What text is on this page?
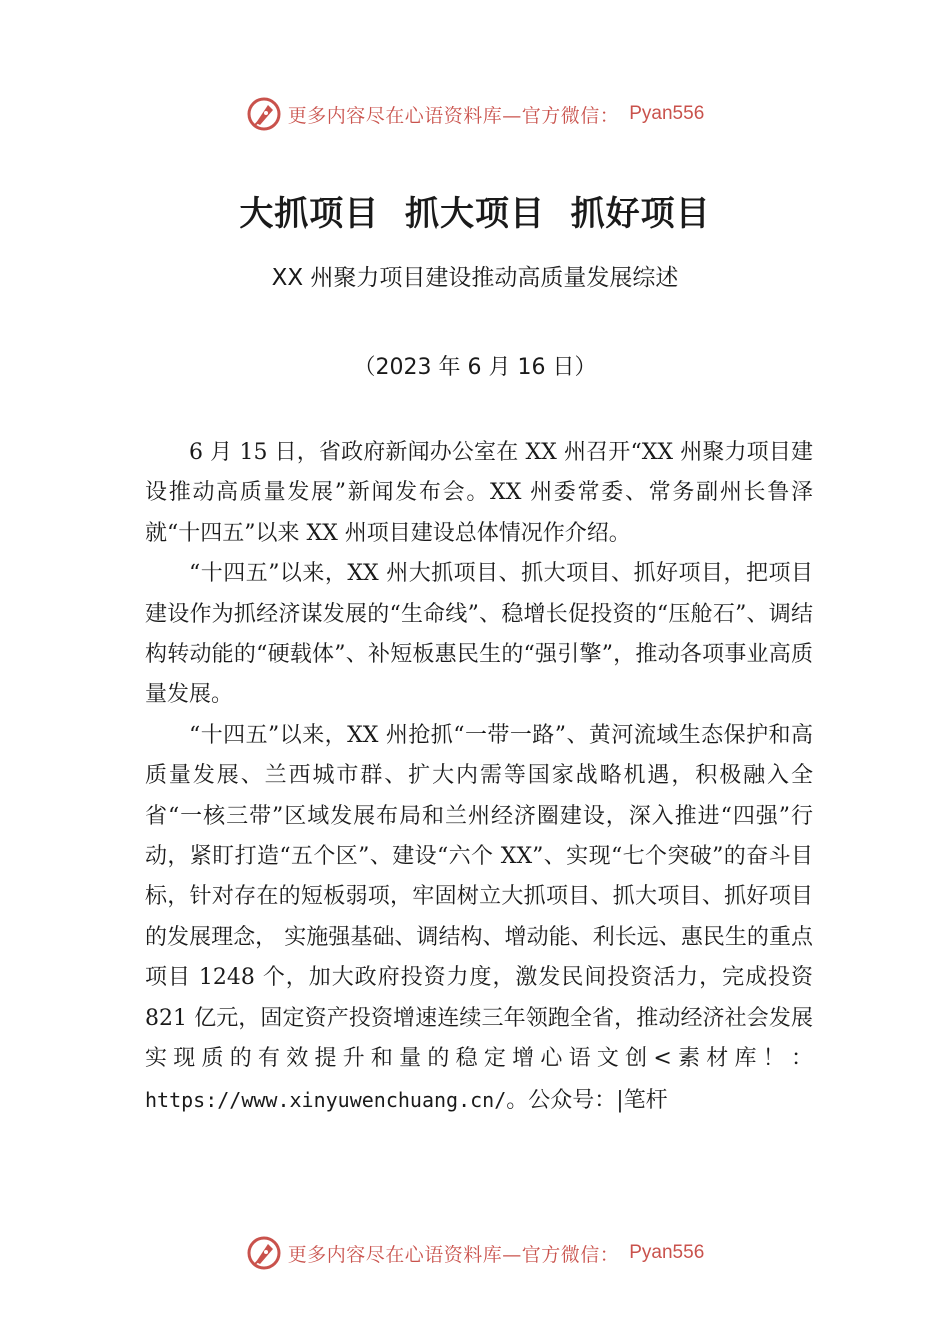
更多内容尽在心语资料库—官方微信： Pyan556
大抓项目  抓大项目  抓好项目
XX 州聚力项目建设推动高质量发展综述
（2023 年 6 月 16 日）

6 月 15 日，省政府新闻办公室在 XX 州召开“XX 州聚力项目建设推动高质量发展”新闻发布会。XX 州委常委、常务副州长鲁泽就“十四五”以来 XX 州项目建设总体情况作介绍。

“十四五”以来，XX 州大抓项目、抓大项目、抓好项目，把项目建设作为抓经济谋发展的“生命线”、稳增长促投资的“压舱石”、调结构转动能的“硬载体”、补短板惠民生的“强引擎”，推动各项事业高质量发展。

“十四五”以来，XX 州抢抓“一带一路”、黄河流域生态保护和高质量发展、兰西城市群、扩大内需等国家战略机遇，积极融入全省“一核三带”区域发展布局和兰州经济圈建设，深入推进“四强”行动，紧盯打造“五个区”、建设“六个 XX”、实现“七个突破”的奋斗目标，针对存在的短板弱项，牢固树立大抓项目、抓大项目、抓好项目的发展理念， 实施强基础、调结构、增动能、利长远、惠民生的重点项目 1248 个，加大政府投资力度，激发民间投资活力，完成投资 821 亿元，固定资产投资增速连续三年领跑全省，推动经济社会发展实现质的有效提升和量的稳定增心语文创<素材库！：https://www.xinyuwenchuang.cn/。公众号：|笔杆

更多内容尽在心语资料库—官方微信： Pyan556
